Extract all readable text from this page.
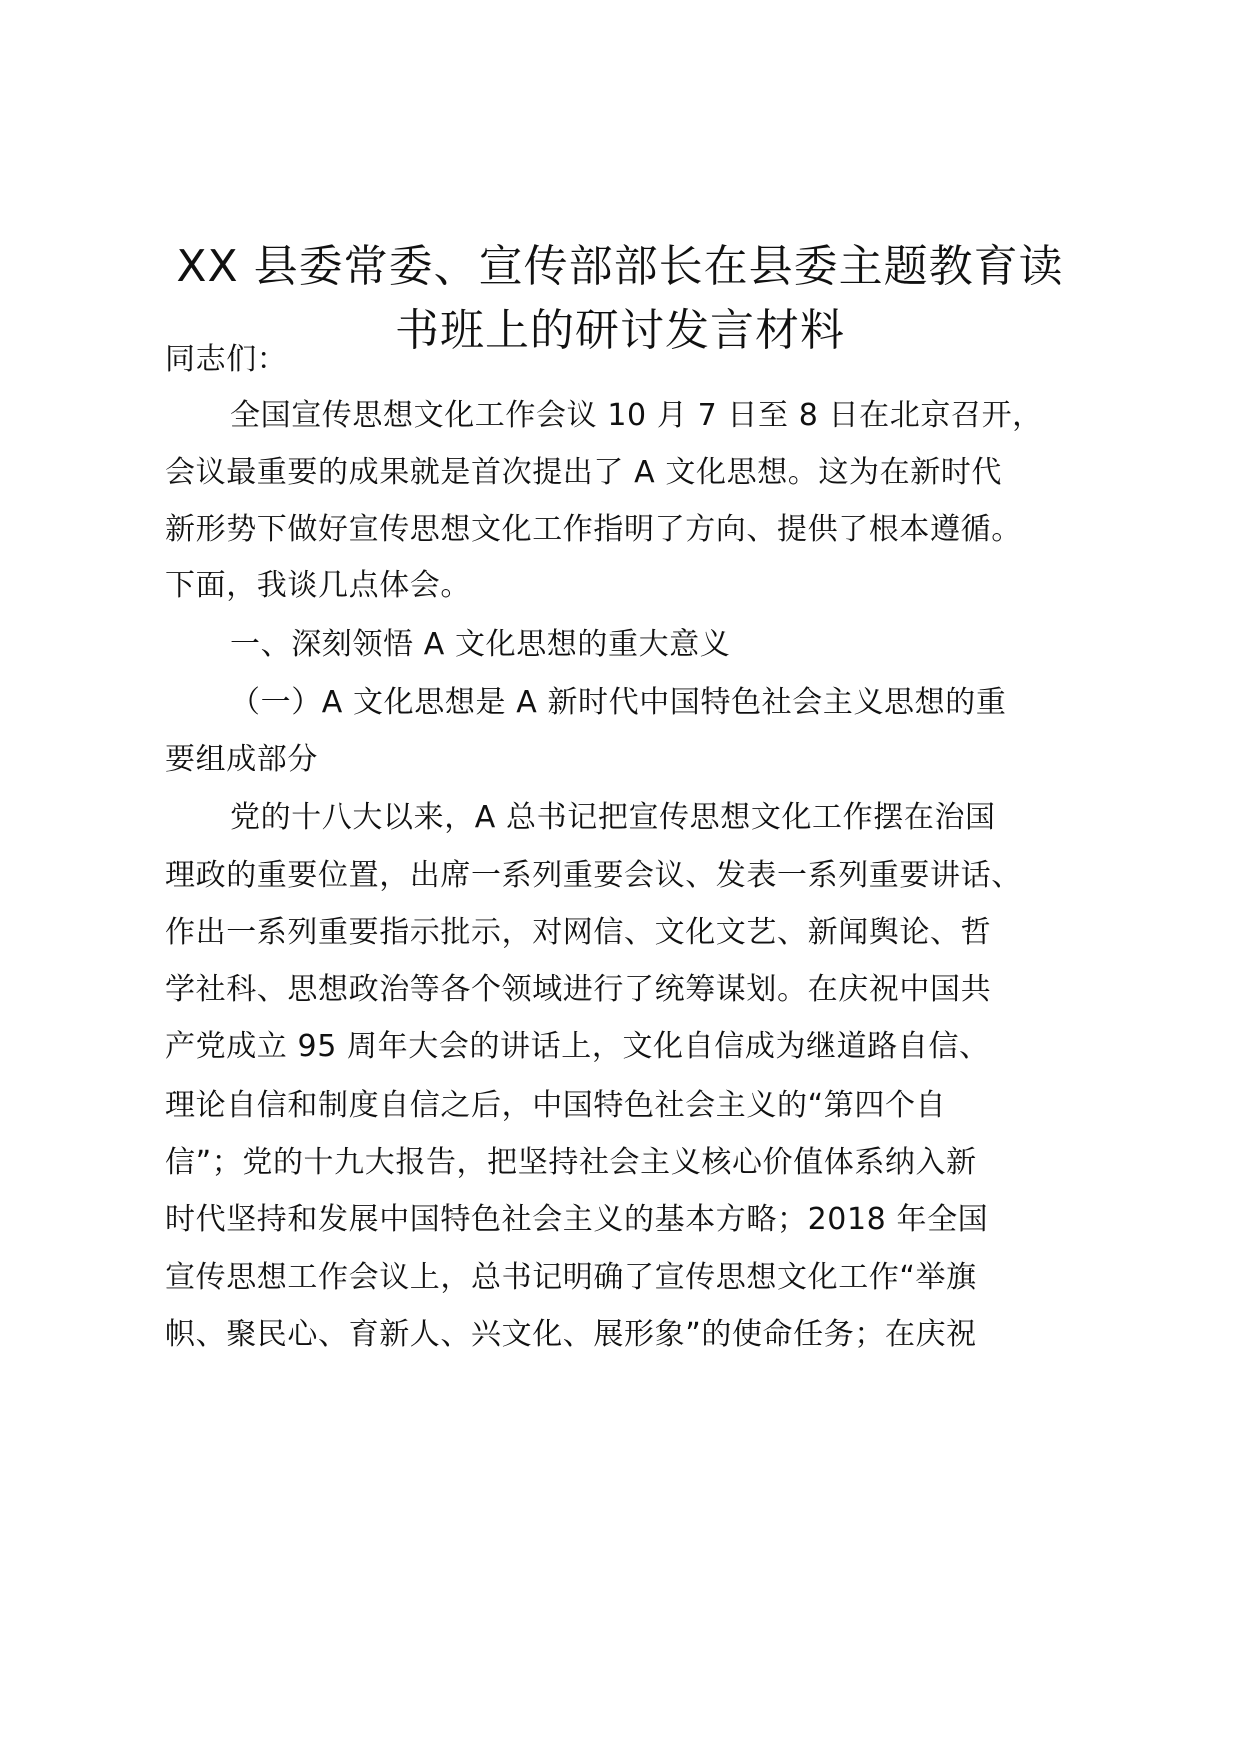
XX 县委常委、宣传部部长在县委主题教育读
书班上的研讨发言材料
同志们：
全国宣传思想文化工作会议 10 月 7 日至 8 日在北京召开，
会议最重要的成果就是首次提出了 A 文化思想。这为在新时代
新形势下做好宣传思想文化工作指明了方向、提供了根本遵循。
下面，我谈几点体会。
一、深刻领悟 A 文化思想的重大意义
（一）A 文化思想是 A 新时代中国特色社会主义思想的重
要组成部分
党的十八大以来，A 总书记把宣传思想文化工作摆在治国
理政的重要位置，出席一系列重要会议、发表一系列重要讲话、
作出一系列重要指示批示，对网信、文化文艺、新闻舆论、哲
学社科、思想政治等各个领域进行了统筹谋划。在庆祝中国共
产党成立 95 周年大会的讲话上，文化自信成为继道路自信、
理论自信和制度自信之后，中国特色社会主义的“第四个自
信”；党的十九大报告，把坚持社会主义核心价值体系纳入新
时代坚持和发展中国特色社会主义的基本方略；2018 年全国
宣传思想工作会议上，总书记明确了宣传思想文化工作“举旗
帜、聚民心、育新人、兴文化、展形象”的使命任务；在庆祝
